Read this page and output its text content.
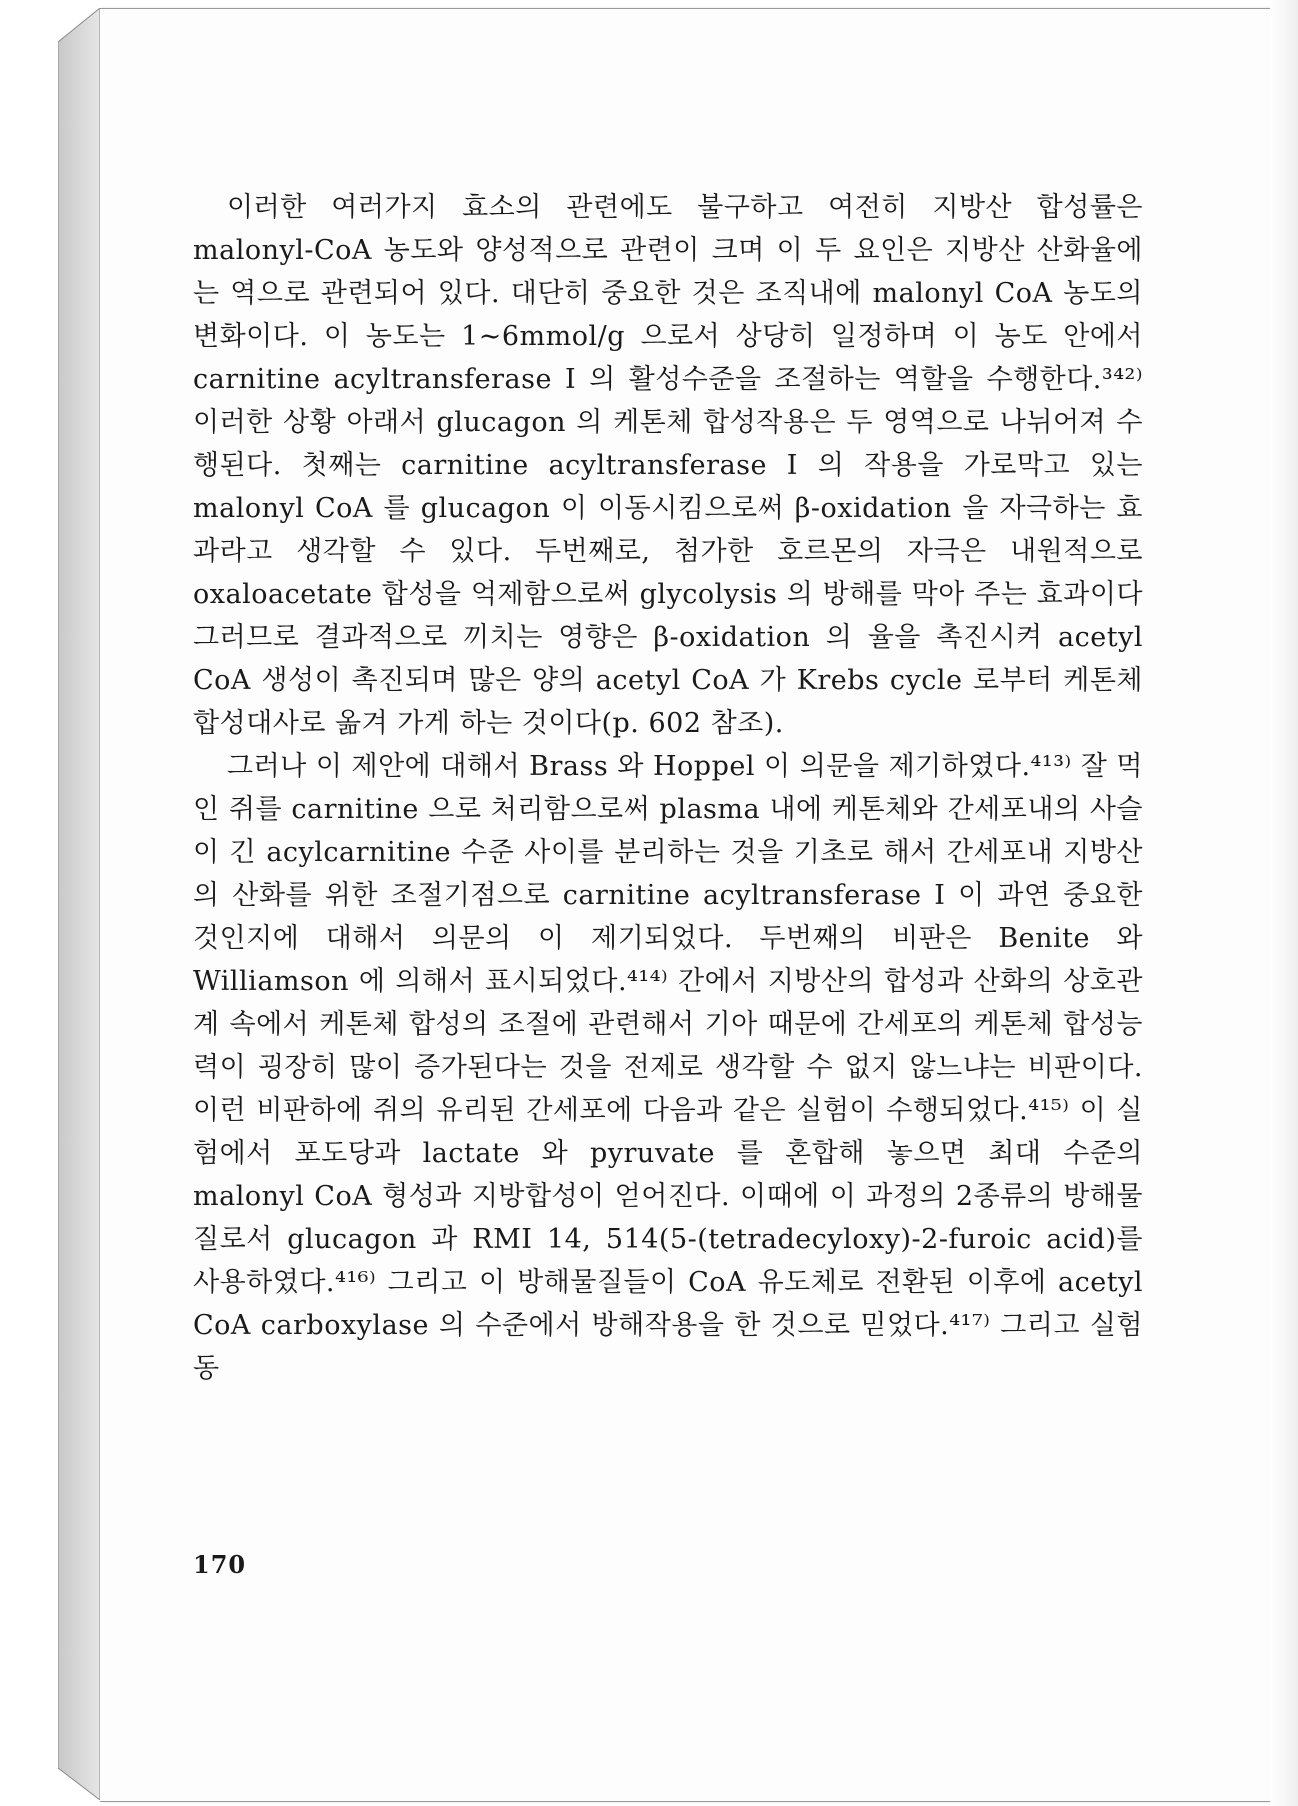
이러한 여러가지 효소의 관련에도 불구하고 여전히 지방산 합성률은 malonyl-CoA 농도와 양성적으로 관련이 크며 이 두 요인은 지방산 산화율에는 역으로 관련되어 있다. 대단히 중요한 것은 조직내에 malonyl CoA 농도의 변화이다. 이 농도는 1∼6mmol/g 으로서 상당히 일정하며 이 농도 안에서 carnitine acyltransferase I 의 활성수준을 조절하는 역할을 수행한다.³⁴²⁾ 이러한 상황 아래서 glucagon 의 케톤체 합성작용은 두 영역으로 나뉘어져 수행된다. 첫째는 carnitine acyltransferase I 의 작용을 가로막고 있는 malonyl CoA 를 glucagon 이 이동시킴으로써 β-oxidation 을 자극하는 효과라고 생각할 수 있다. 두번째로, 첨가한 호르몬의 자극은 내원적으로 oxaloacetate 합성을 억제함으로써 glycolysis 의 방해를 막아 주는 효과이다 그러므로 결과적으로 끼치는 영향은 β-oxidation 의 율을 촉진시켜 acetyl CoA 생성이 촉진되며 많은 양의 acetyl CoA 가 Krebs cycle 로부터 케톤체 합성대사로 옮겨 가게 하는 것이다(p. 602 참조).

그러나 이 제안에 대해서 Brass 와 Hoppel 이 의문을 제기하였다.⁴¹³⁾ 잘 먹인 쥐를 carnitine 으로 처리함으로써 plasma 내에 케톤체와 간세포내의 사슬이 긴 acylcarnitine 수준 사이를 분리하는 것을 기초로 해서 간세포내 지방산의 산화를 위한 조절기점으로 carnitine acyltransferase I 이 과연 중요한 것인지에 대해서 의문의 이 제기되었다. 두번째의 비판은 Benite 와 Williamson 에 의해서 표시되었다.⁴¹⁴⁾ 간에서 지방산의 합성과 산화의 상호관계 속에서 케톤체 합성의 조절에 관련해서 기아 때문에 간세포의 케톤체 합성능력이 굉장히 많이 증가된다는 것을 전제로 생각할 수 없지 않느냐는 비판이다. 이런 비판하에 쥐의 유리된 간세포에 다음과 같은 실험이 수행되었다.⁴¹⁵⁾ 이 실험에서 포도당과 lactate 와 pyruvate 를 혼합해 놓으면 최대 수준의 malonyl CoA 형성과 지방합성이 얻어진다. 이때에 이 과정의 2종류의 방해물질로서 glucagon 과 RMI 14, 514(5-(tetradecyloxy)-2-furoic acid)를 사용하였다.⁴¹⁶⁾ 그리고 이 방해물질들이 CoA 유도체로 전환된 이후에 acetyl CoA carboxylase 의 수준에서 방해작용을 한 것으로 믿었다.⁴¹⁷⁾ 그리고 실험동

170
